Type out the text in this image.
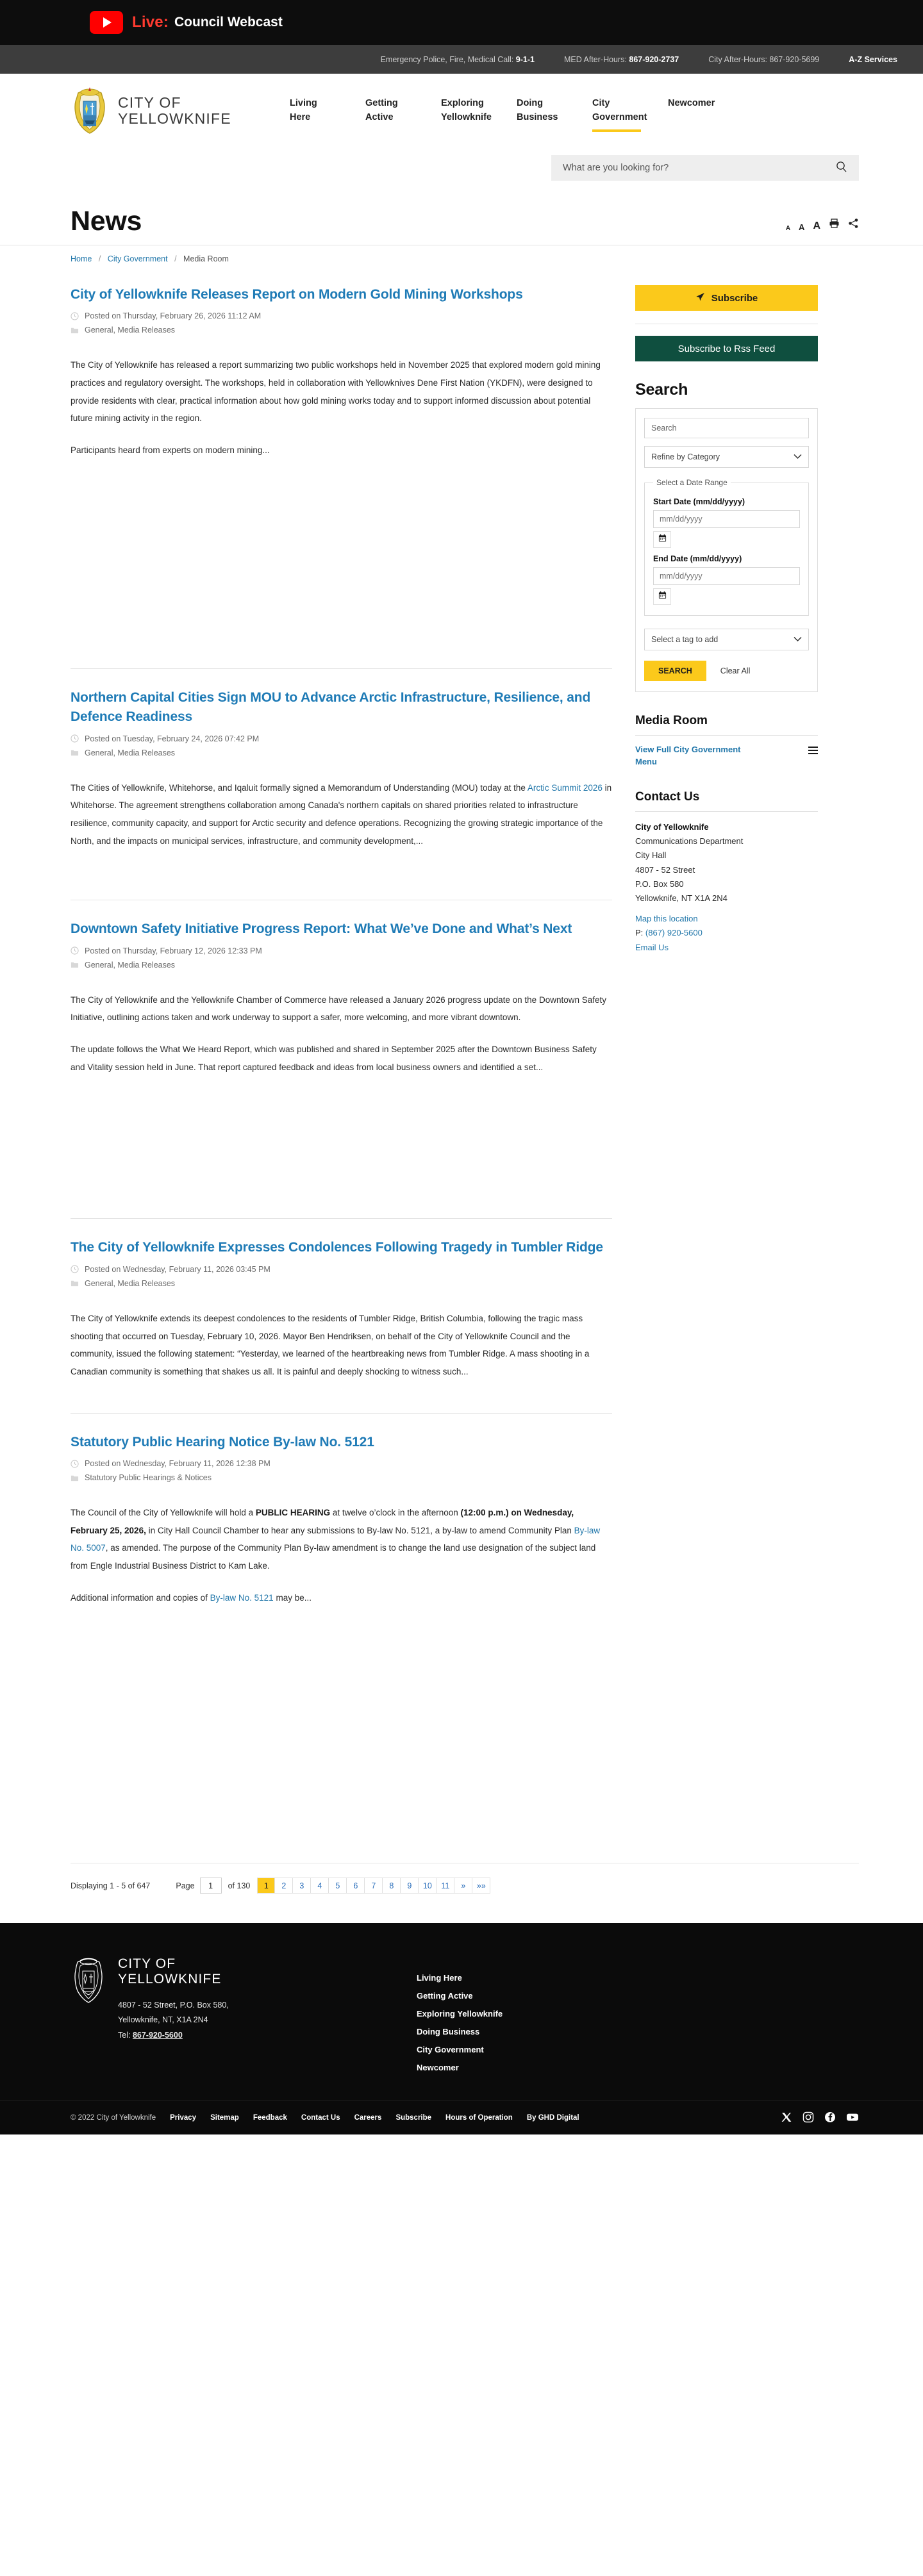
Live: Council Webcast
Emergency Police, Fire, Medical Call: 9-1-1	MED After-Hours: 867-920-2737	City After-Hours: 867-920-5699	A-Z Services
CITY OF
YELLOWKNIFE
Living
Here
Getting
Active
Exploring
Yellowknife
Doing
Business
City
Government
Newcomer
What are you looking for?
News	A A A
Home / City Government / Media Room
City of Yellowknife Releases Report on Modern Gold Mining Workshops
Posted on Thursday, February 26, 2026 11:12 AM
General, Media Releases

The City of Yellowknife has released a report summarizing two public workshops held in November 2025 that explored modern gold mining practices and regulatory oversight. The workshops, held in collaboration with Yellowknives Dene First Nation (YKDFN), were designed to provide residents with clear, practical information about how gold mining works today and to support informed discussion about potential future mining activity in the region.

Participants heard from experts on modern mining...

Northern Capital Cities Sign MOU to Advance Arctic Infrastructure, Resilience, and Defence Readiness
Posted on Tuesday, February 24, 2026 07:42 PM
General, Media Releases

The Cities of Yellowknife, Whitehorse, and Iqaluit formally signed a Memorandum of Understanding (MOU) today at the Arctic Summit 2026 in Whitehorse. The agreement strengthens collaboration among Canada's northern capitals on shared priorities related to infrastructure resilience, community capacity, and support for Arctic security and defence operations. Recognizing the growing strategic importance of the North, and the impacts on municipal services, infrastructure, and community development,...

Downtown Safety Initiative Progress Report: What We’ve Done and What’s Next
Posted on Thursday, February 12, 2026 12:33 PM
General, Media Releases

The City of Yellowknife and the Yellowknife Chamber of Commerce have released a January 2026 progress update on the Downtown Safety Initiative, outlining actions taken and work underway to support a safer, more welcoming, and more vibrant downtown.

The update follows the What We Heard Report, which was published and shared in September 2025 after the Downtown Business Safety and Vitality session held in June. That report captured feedback and ideas from local business owners and identified a set...

The City of Yellowknife Expresses Condolences Following Tragedy in Tumbler Ridge
Posted on Wednesday, February 11, 2026 03:45 PM
General, Media Releases

The City of Yellowknife extends its deepest condolences to the residents of Tumbler Ridge, British Columbia, following the tragic mass shooting that occurred on Tuesday, February 10, 2026. Mayor Ben Hendriksen, on behalf of the City of Yellowknife Council and the community, issued the following statement: “Yesterday, we learned of the heartbreaking news from Tumbler Ridge. A mass shooting in a Canadian community is something that shakes us all. It is painful and deeply shocking to witness such...

Statutory Public Hearing Notice By-law No. 5121
Posted on Wednesday, February 11, 2026 12:38 PM
Statutory Public Hearings & Notices

The Council of the City of Yellowknife will hold a PUBLIC HEARING at twelve o’clock in the afternoon (12:00 p.m.) on Wednesday, February 25, 2026, in City Hall Council Chamber to hear any submissions to By-law No. 5121, a by-law to amend Community Plan By-law No. 5007, as amended. The purpose of the Community Plan By-law amendment is to change the land use designation of the subject land from Engle Industrial Business District to Kam Lake.

Additional information and copies of By-law No. 5121 may be...

Subscribe
Subscribe to Rss Feed
Search
Search
Refine by Category
Select a Date Range
Start Date (mm/dd/yyyy)
mm/dd/yyyy
End Date (mm/dd/yyyy)
mm/dd/yyyy
Select a tag to add
SEARCH	Clear All
Media Room
View Full City Government Menu
Contact Us
City of Yellowknife
Communications Department
City Hall
4807 - 52 Street
P.O. Box 580
Yellowknife, NT X1A 2N4
Map this location
P: (867) 920-5600
Email Us
Displaying 1 - 5 of 647	Page
1	of 130	1	2	3	4	5	6	7	8	9	10	11	»	»»
CITY OF
YELLOWKNIFE
4807 - 52 Street, P.O. Box 580,
Yellowknife, NT, X1A 2N4
Tel: 867-920-5600
Living Here
Getting Active
Exploring Yellowknife
Doing Business
City Government
Newcomer
© 2022 City of Yellowknife Privacy Sitemap Feedback Contact Us Careers Subscribe Hours of Operation By GHD Digital
